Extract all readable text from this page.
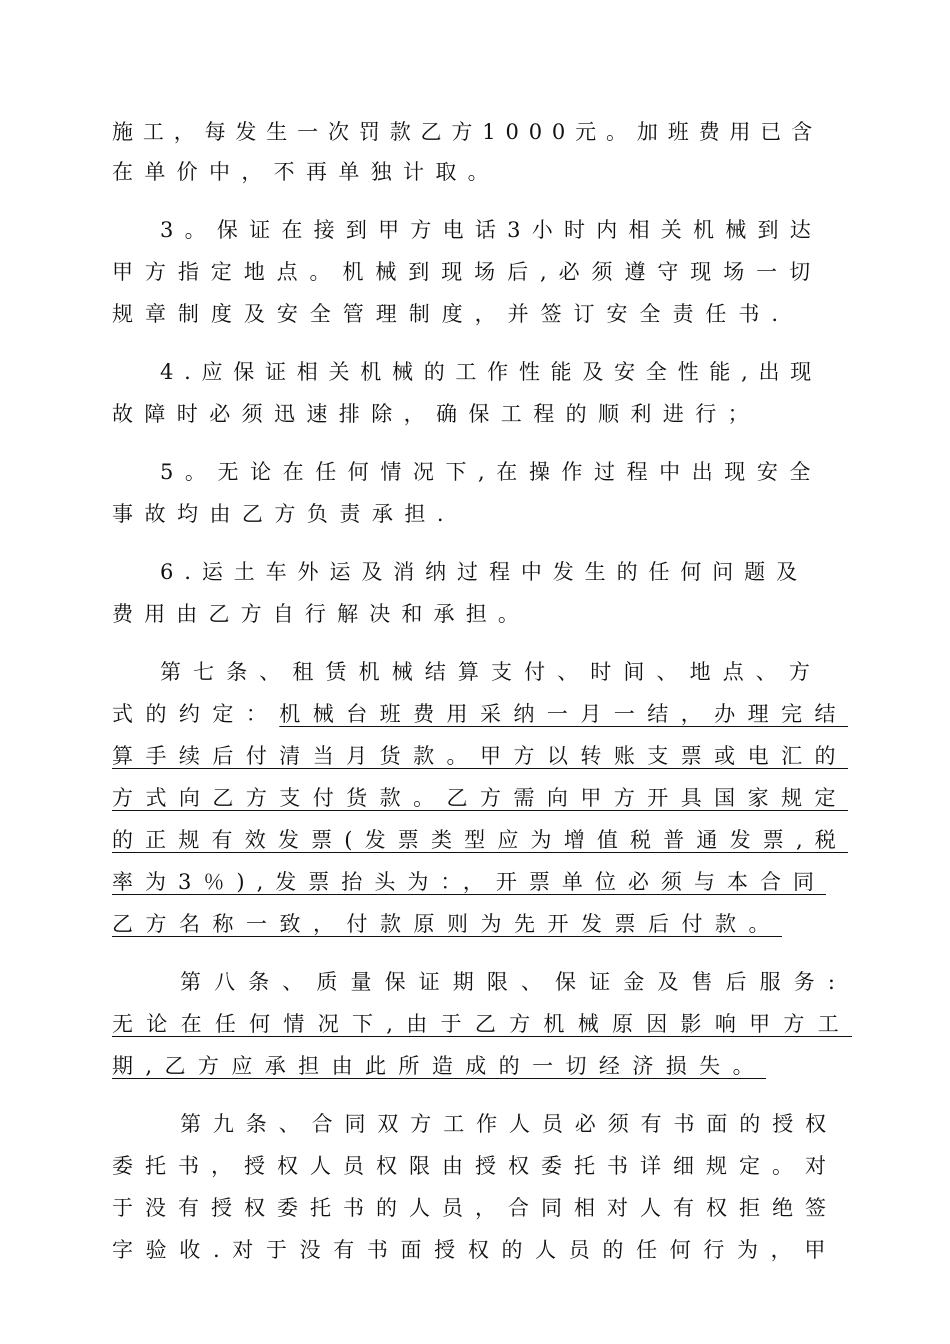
施工，每发生一次罚款乙方1000元。加班费用已含
在单价中，不再单独计取。
3。保证在接到甲方电话3小时内相关机械到达
甲方指定地点。机械到现场后,必须遵守现场一切
规章制度及安全管理制度，并签订安全责任书.
4.应保证相关机械的工作性能及安全性能,出现
故障时必须迅速排除，确保工程的顺利进行；
5。无论在任何情况下,在操作过程中出现安全
事故均由乙方负责承担.
6.运土车外运及消纳过程中发生的任何问题及
费用由乙方自行解决和承担。
第七条、租赁机械结算支付、时间、地点、方
式的约定：机械台班费用采纳一月一结，办理完结
算手续后付清当月货款。甲方以转账支票或电汇的
方式向乙方支付货款。乙方需向甲方开具国家规定
的正规有效发票(发票类型应为增值税普通发票,税
率为3％),发票抬头为：，开票单位必须与本合同
乙方名称一致，付款原则为先开发票后付款。
第八条、质量保证期限、保证金及售后服务:
无论在任何情况下,由于乙方机械原因影响甲方工
期,乙方应承担由此所造成的一切经济损失。
第九条、合同双方工作人员必须有书面的授权
委托书，授权人员权限由授权委托书详细规定。对
于没有授权委托书的人员，合同相对人有权拒绝签
字验收.对于没有书面授权的人员的任何行为，甲
